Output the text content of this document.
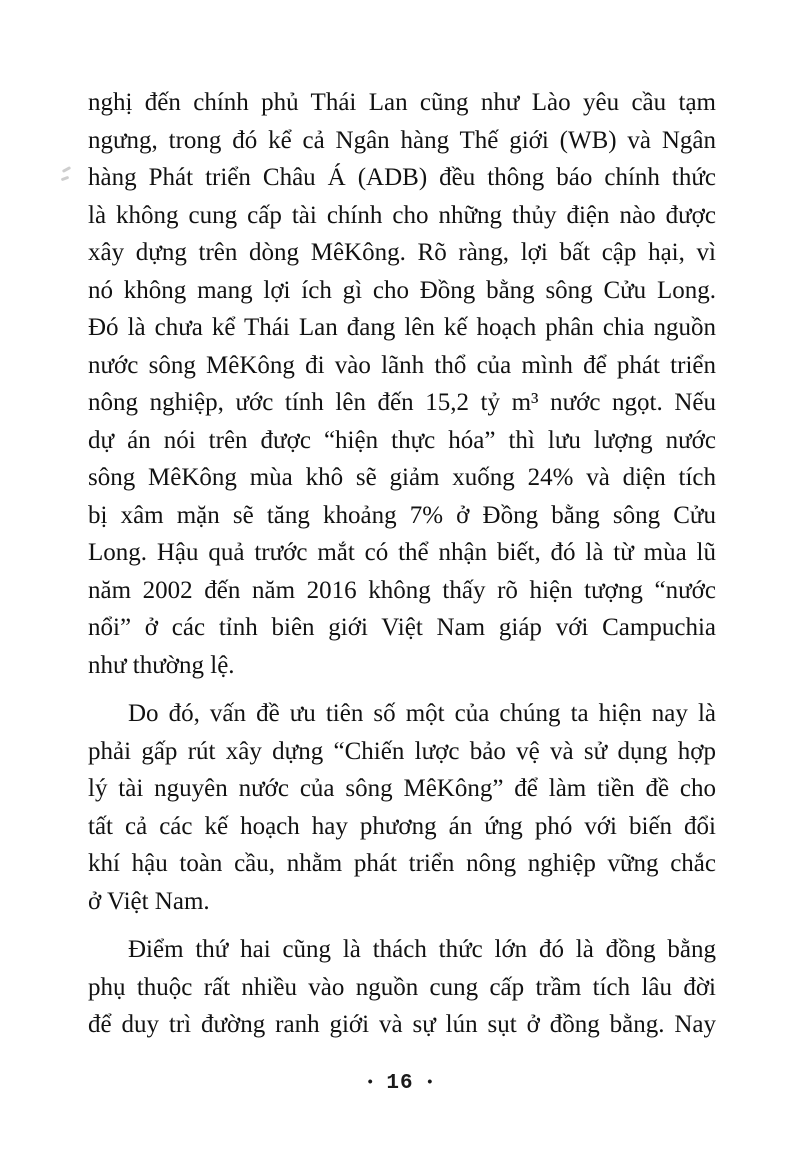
nghị đến chính phủ Thái Lan cũng như Lào yêu cầu tạm
ngưng, trong đó kể cả Ngân hàng Thế giới (WB) và Ngân
hàng Phát triển Châu Á (ADB) đều thông báo chính thức
là không cung cấp tài chính cho những thủy điện nào được
xây dựng trên dòng MêKông. Rõ ràng, lợi bất cập hại, vì
nó không mang lợi ích gì cho Đồng bằng sông Cửu Long.
Đó là chưa kể Thái Lan đang lên kế hoạch phân chia nguồn
nước sông MêKông đi vào lãnh thổ của mình để phát triển
nông nghiệp, ước tính lên đến 15,2 tỷ m³ nước ngọt. Nếu
dự án nói trên được “hiện thực hóa” thì lưu lượng nước
sông MêKông mùa khô sẽ giảm xuống 24% và diện tích
bị xâm mặn sẽ tăng khoảng 7% ở Đồng bằng sông Cửu
Long. Hậu quả trước mắt có thể nhận biết, đó là từ mùa lũ
năm 2002 đến năm 2016 không thấy rõ hiện tượng “nước
nổi” ở các tỉnh biên giới Việt Nam giáp với Campuchia
như thường lệ.

Do đó, vấn đề ưu tiên số một của chúng ta hiện nay là
phải gấp rút xây dựng “Chiến lược bảo vệ và sử dụng hợp
lý tài nguyên nước của sông MêKông” để làm tiền đề cho
tất cả các kế hoạch hay phương án ứng phó với biến đổi
khí hậu toàn cầu, nhằm phát triển nông nghiệp vững chắc
ở Việt Nam.

Điểm thứ hai cũng là thách thức lớn đó là đồng bằng
phụ thuộc rất nhiều vào nguồn cung cấp trầm tích lâu đời
để duy trì đường ranh giới và sự lún sụt ở đồng bằng. Nay

• 16 •
